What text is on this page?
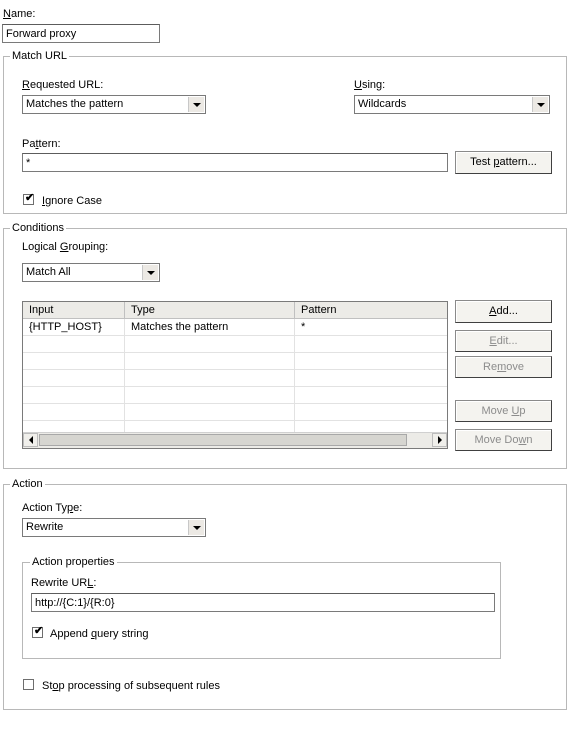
Name:
Forward proxy
Match URL
Requested URL:
Matches the pattern
Using:
Wildcards
Pattern:
*	Test pattern...
✔ Ignore Case
Conditions
Logical Grouping:
Match All
Input	Type	Pattern
{HTTP_HOST}	Matches the pattern	*
Add...
Edit...
Remove
Move Up
Move Down
Action
Action Type:
Rewrite
Action properties
Rewrite URL:
http://{C:1}/{R:0}
✔ Append query string
Stop processing of subsequent rules
